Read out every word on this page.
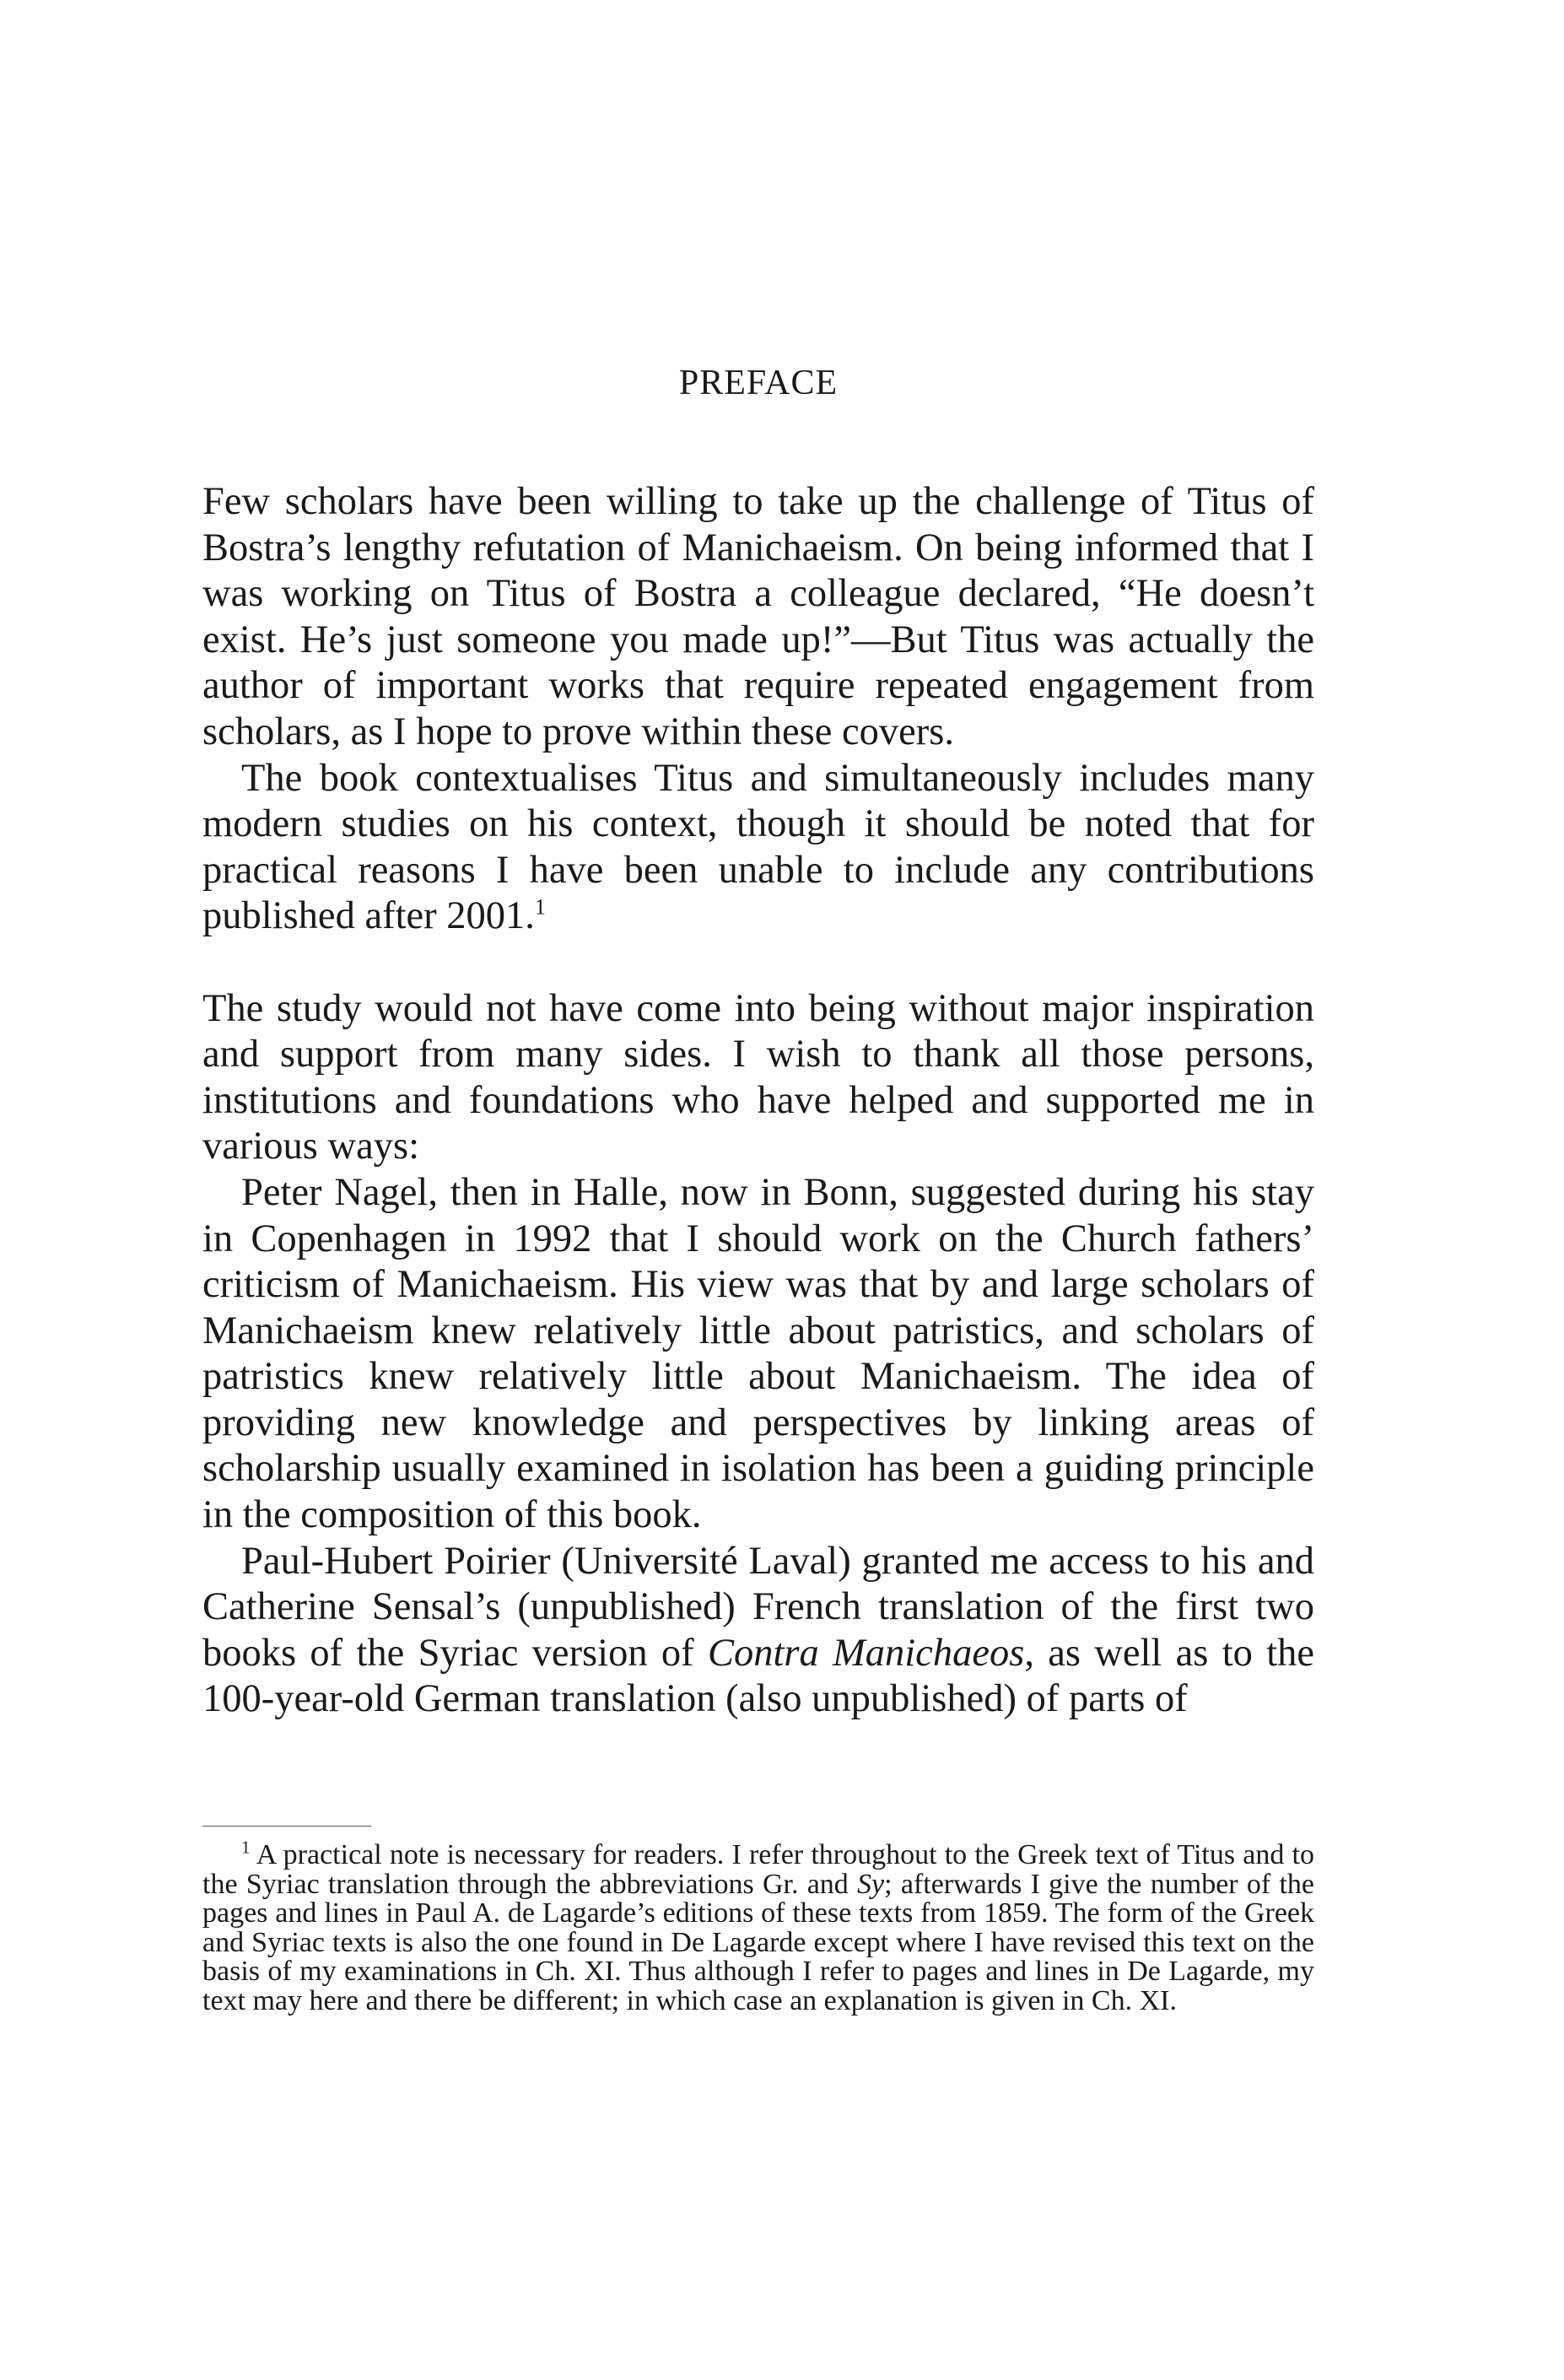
PREFACE

Few scholars have been willing to take up the challenge of Titus of Bostra’s lengthy refutation of Manichaeism. On being informed that I was working on Titus of Bostra a colleague declared, “He doesn’t exist. He’s just someone you made up!”—But Titus was actually the author of important works that require repeated engagement from scholars, as I hope to prove within these covers.

The book contextualises Titus and simultaneously includes many modern studies on his context, though it should be noted that for practical reasons I have been unable to include any contributions published after 2001.$^1$

The study would not have come into being without major inspiration and support from many sides. I wish to thank all those persons, institutions and foundations who have helped and supported me in various ways:

Peter Nagel, then in Halle, now in Bonn, suggested during his stay in Copenhagen in 1992 that I should work on the Church fathers’ criticism of Manichaeism. His view was that by and large scholars of Manichaeism knew relatively little about patristics, and scholars of patristics knew relatively little about Manichaeism. The idea of providing new knowledge and perspectives by linking areas of scholarship usually examined in isolation has been a guiding principle in the composition of this book.

Paul-Hubert Poirier (Université Laval) granted me access to his and Catherine Sensal’s (unpublished) French translation of the first two books of the Syriac version of Contra Manichaeos, as well as to the 100-year-old German translation (also unpublished) of parts of

$^1$ A practical note is necessary for readers. I refer throughout to the Greek text of Titus and to the Syriac translation through the abbreviations Gr. and Sy; afterwards I give the number of the pages and lines in Paul A. de Lagarde’s editions of these texts from 1859. The form of the Greek and Syriac texts is also the one found in De Lagarde except where I have revised this text on the basis of my examinations in Ch. XI. Thus although I refer to pages and lines in De Lagarde, my text may here and there be different; in which case an explanation is given in Ch. XI.
